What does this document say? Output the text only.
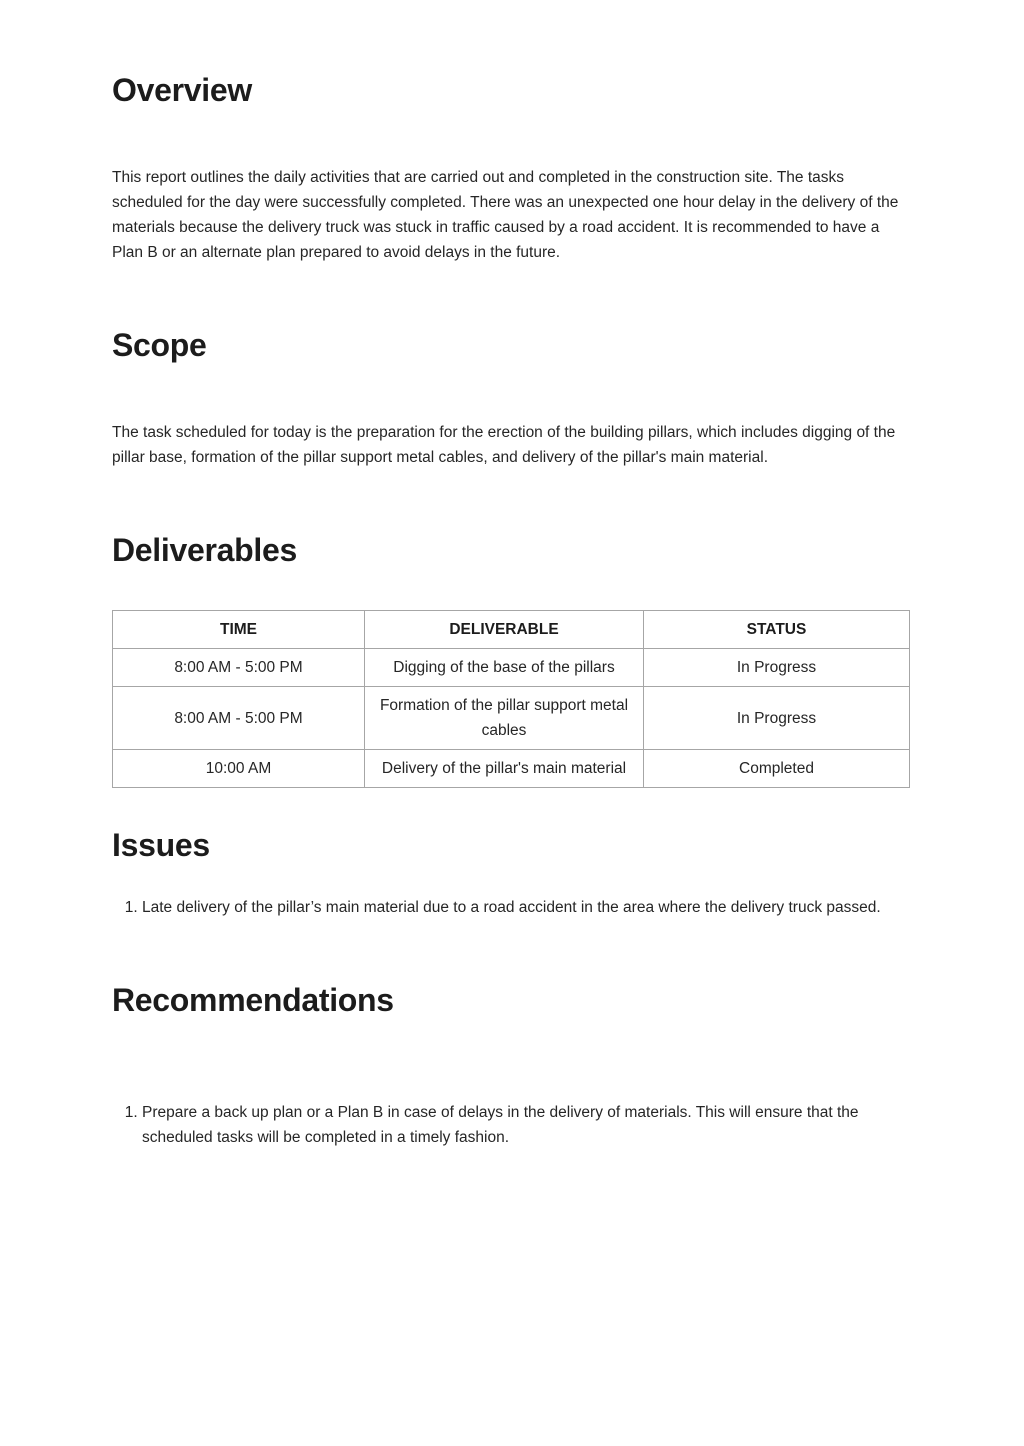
Overview

This report outlines the daily activities that are carried out and completed in the construction site. The tasks scheduled for the day were successfully completed. There was an unexpected one hour delay in the delivery of the materials because the delivery truck was stuck in traffic caused by a road accident. It is recommended to have a Plan B or an alternate plan prepared to avoid delays in the future.

Scope

The task scheduled for today is the preparation for the erection of the building pillars, which includes digging of the pillar base, formation of the pillar support metal cables, and delivery of the pillar's main material.

Deliverables
TIME	DELIVERABLE	STATUS
8:00 AM - 5:00 PM	Digging of the base of the pillars	In Progress
8:00 AM - 5:00 PM	Formation of the pillar support metal cables	In Progress
10:00 AM	Delivery of the pillar's main material	Completed
Issues
1. Late delivery of the pillar’s main material due to a road accident in the area where the delivery truck passed.
Recommendations
1. Prepare a back up plan or a Plan B in case of delays in the delivery of materials. This will ensure that the scheduled tasks will be completed in a timely fashion.
